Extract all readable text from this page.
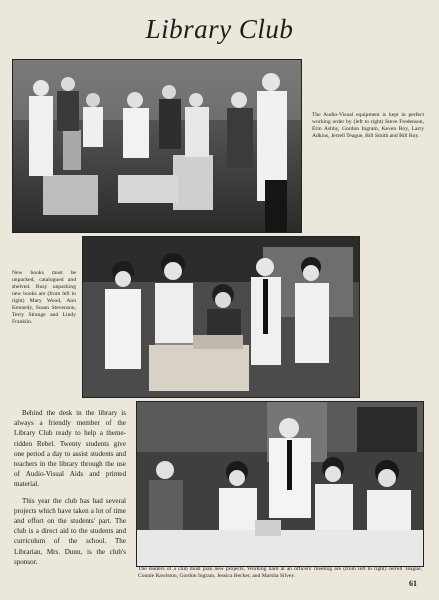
Library Club
The Audio-Visual equipment is kept in perfect working order by (left to right) Steve Fredenson, Erin Ashby, Gordon Ingram, Keven Roy, Larry Adkins, Jerrell Teague, Bill Smith and Bill Roy.
New books must be unpacked, catalogued and shelved. Busy unpacking new books are (from left to right) Mary Wood, Ann Kennedy, Susan Stevenson, Terry Strange and Lindy Franklin.
The leaders of a club must plan new projects. Working hard at an officers' meeting are (from left to right) Jerrell Teague, Connie Rawlston, Gordon Ingram, Jessica Becker, and Marsha Silvey.

Behind the desk in the library is always a friendly member of the Library Club ready to help a theme-ridden Rebel. Twenty students give one period a day to assist students and teachers in the library through the use of Audio-Visual Aids and printed material.

This year the club has had several projects which have taken a lot of time and effort on the students' part. The club is a direct aid to the students and curriculum of the school. The Librarian, Mrs. Dunn, is the club's sponsor.

61
